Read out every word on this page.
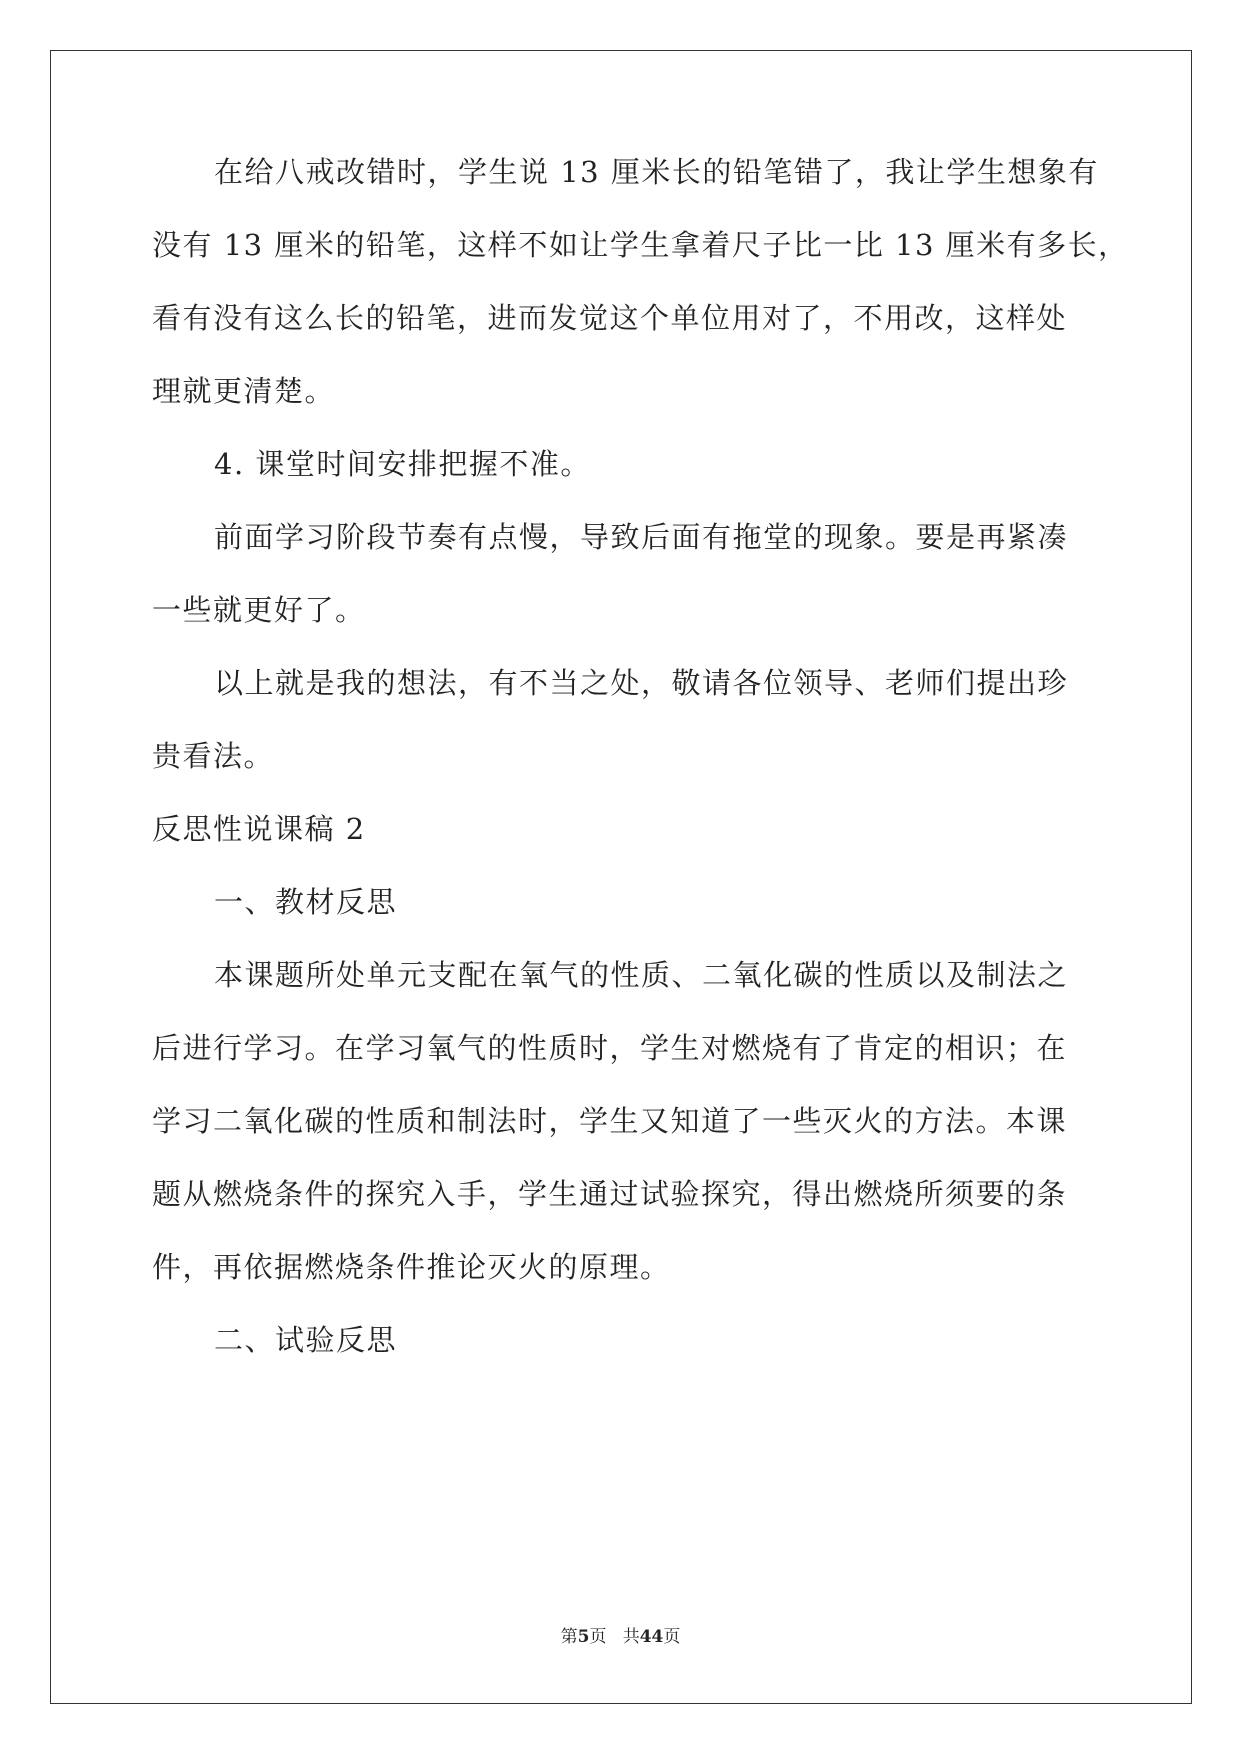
在给八戒改错时，学生说 13 厘米长的铅笔错了，我让学生想象有
没有 13 厘米的铅笔，这样不如让学生拿着尺子比一比 13 厘米有多长，
看有没有这么长的铅笔，进而发觉这个单位用对了，不用改，这样处
理就更清楚。
4. 课堂时间安排把握不准。
前面学习阶段节奏有点慢，导致后面有拖堂的现象。要是再紧凑
一些就更好了。
以上就是我的想法，有不当之处，敬请各位领导、老师们提出珍
贵看法。
反思性说课稿 2
一、教材反思
本课题所处单元支配在氧气的性质、二氧化碳的性质以及制法之
后进行学习。在学习氧气的性质时，学生对燃烧有了肯定的相识；在
学习二氧化碳的性质和制法时，学生又知道了一些灭火的方法。本课
题从燃烧条件的探究入手，学生通过试验探究，得出燃烧所须要的条
件，再依据燃烧条件推论灭火的原理。
二、试验反思
第5页 共44页
